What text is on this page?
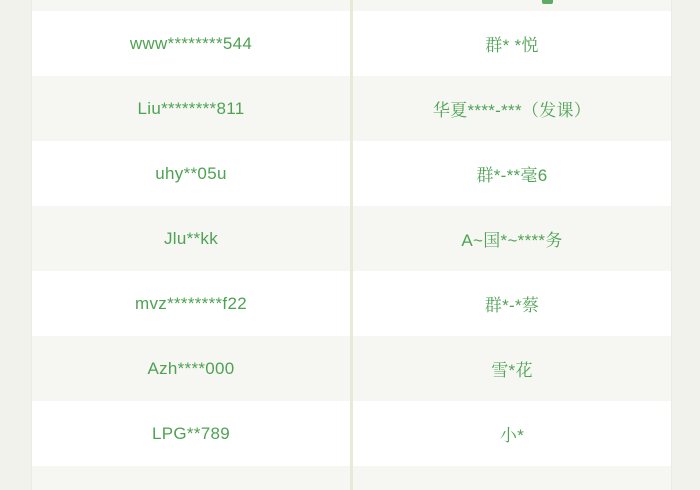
www********544	群* *悦
Liu********811	华夏****-***（发课）
uhy**05u	群*-**毫6
Jlu**kk	A~国*~****务
mvz********f22	群*-*蔡
Azh****000	雪*花
LPG**789	小*
